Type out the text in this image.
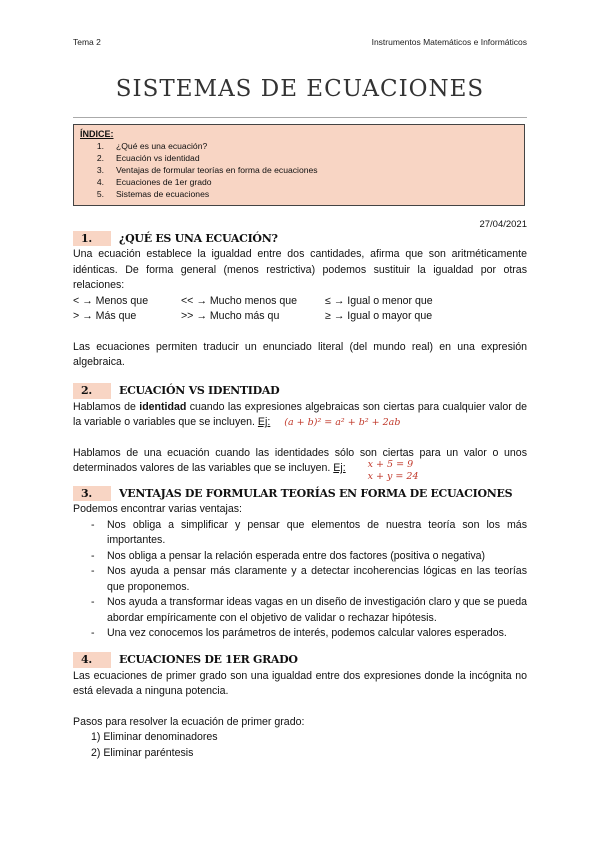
Tema 2	Instrumentos Matemáticos e Informáticos
SISTEMAS DE ECUACIONES
ÍNDICE:
1.	¿Qué es una ecuación?
2.	Ecuación vs identidad
3.	Ventajas de formular teorías en forma de ecuaciones
4.	Ecuaciones de 1er grado
5.	Sistemas de ecuaciones
27/04/2021
1.	¿QUÉ ES UNA ECUACIÓN?

Una ecuación establece la igualdad entre dos cantidades, afirma que son aritméticamente idénticas. De forma general (menos restrictiva) podemos sustituir la igualdad por otras relaciones:

< → Menos que	<< → Mucho menos que	≤ → Igual o menor que
> → Más que	>> → Mucho más qu	≥ → Igual o mayor que

Las ecuaciones permiten traducir un enunciado literal (del mundo real) en una expresión algebraica.

2.	ECUACIÓN VS IDENTIDAD

Hablamos de identidad cuando las expresiones algebraicas son ciertas para cualquier valor de la variable o variables que se incluyen. Ej: (a + b)² = a² + b² + 2ab

Hablamos de una ecuación cuando las identidades sólo son ciertas para un valor o unos determinados valores de las variables que se incluyen. Ej: x + 5 = 9
x + y = 24

3.	VENTAJAS DE FORMULAR TEORÍAS EN FORMA DE ECUACIONES

Podemos encontrar varias ventajas:

- Nos obliga a simplificar y pensar que elementos de nuestra teoría son los más importantes.
- Nos obliga a pensar la relación esperada entre dos factores (positiva o negativa)
- Nos ayuda a pensar más claramente y a detectar incoherencias lógicas en las teorías que proponemos.
- Nos ayuda a transformar ideas vagas en un diseño de investigación claro y que se pueda abordar empíricamente con el objetivo de validar o rechazar hipótesis.
- Una vez conocemos los parámetros de interés, podemos calcular valores esperados.
4.	ECUACIONES DE 1ER GRADO

Las ecuaciones de primer grado son una igualdad entre dos expresiones donde la incógnita no está elevada a ninguna potencia.

Pasos para resolver la ecuación de primer grado:

1) Eliminar denominadores
2) Eliminar paréntesis
